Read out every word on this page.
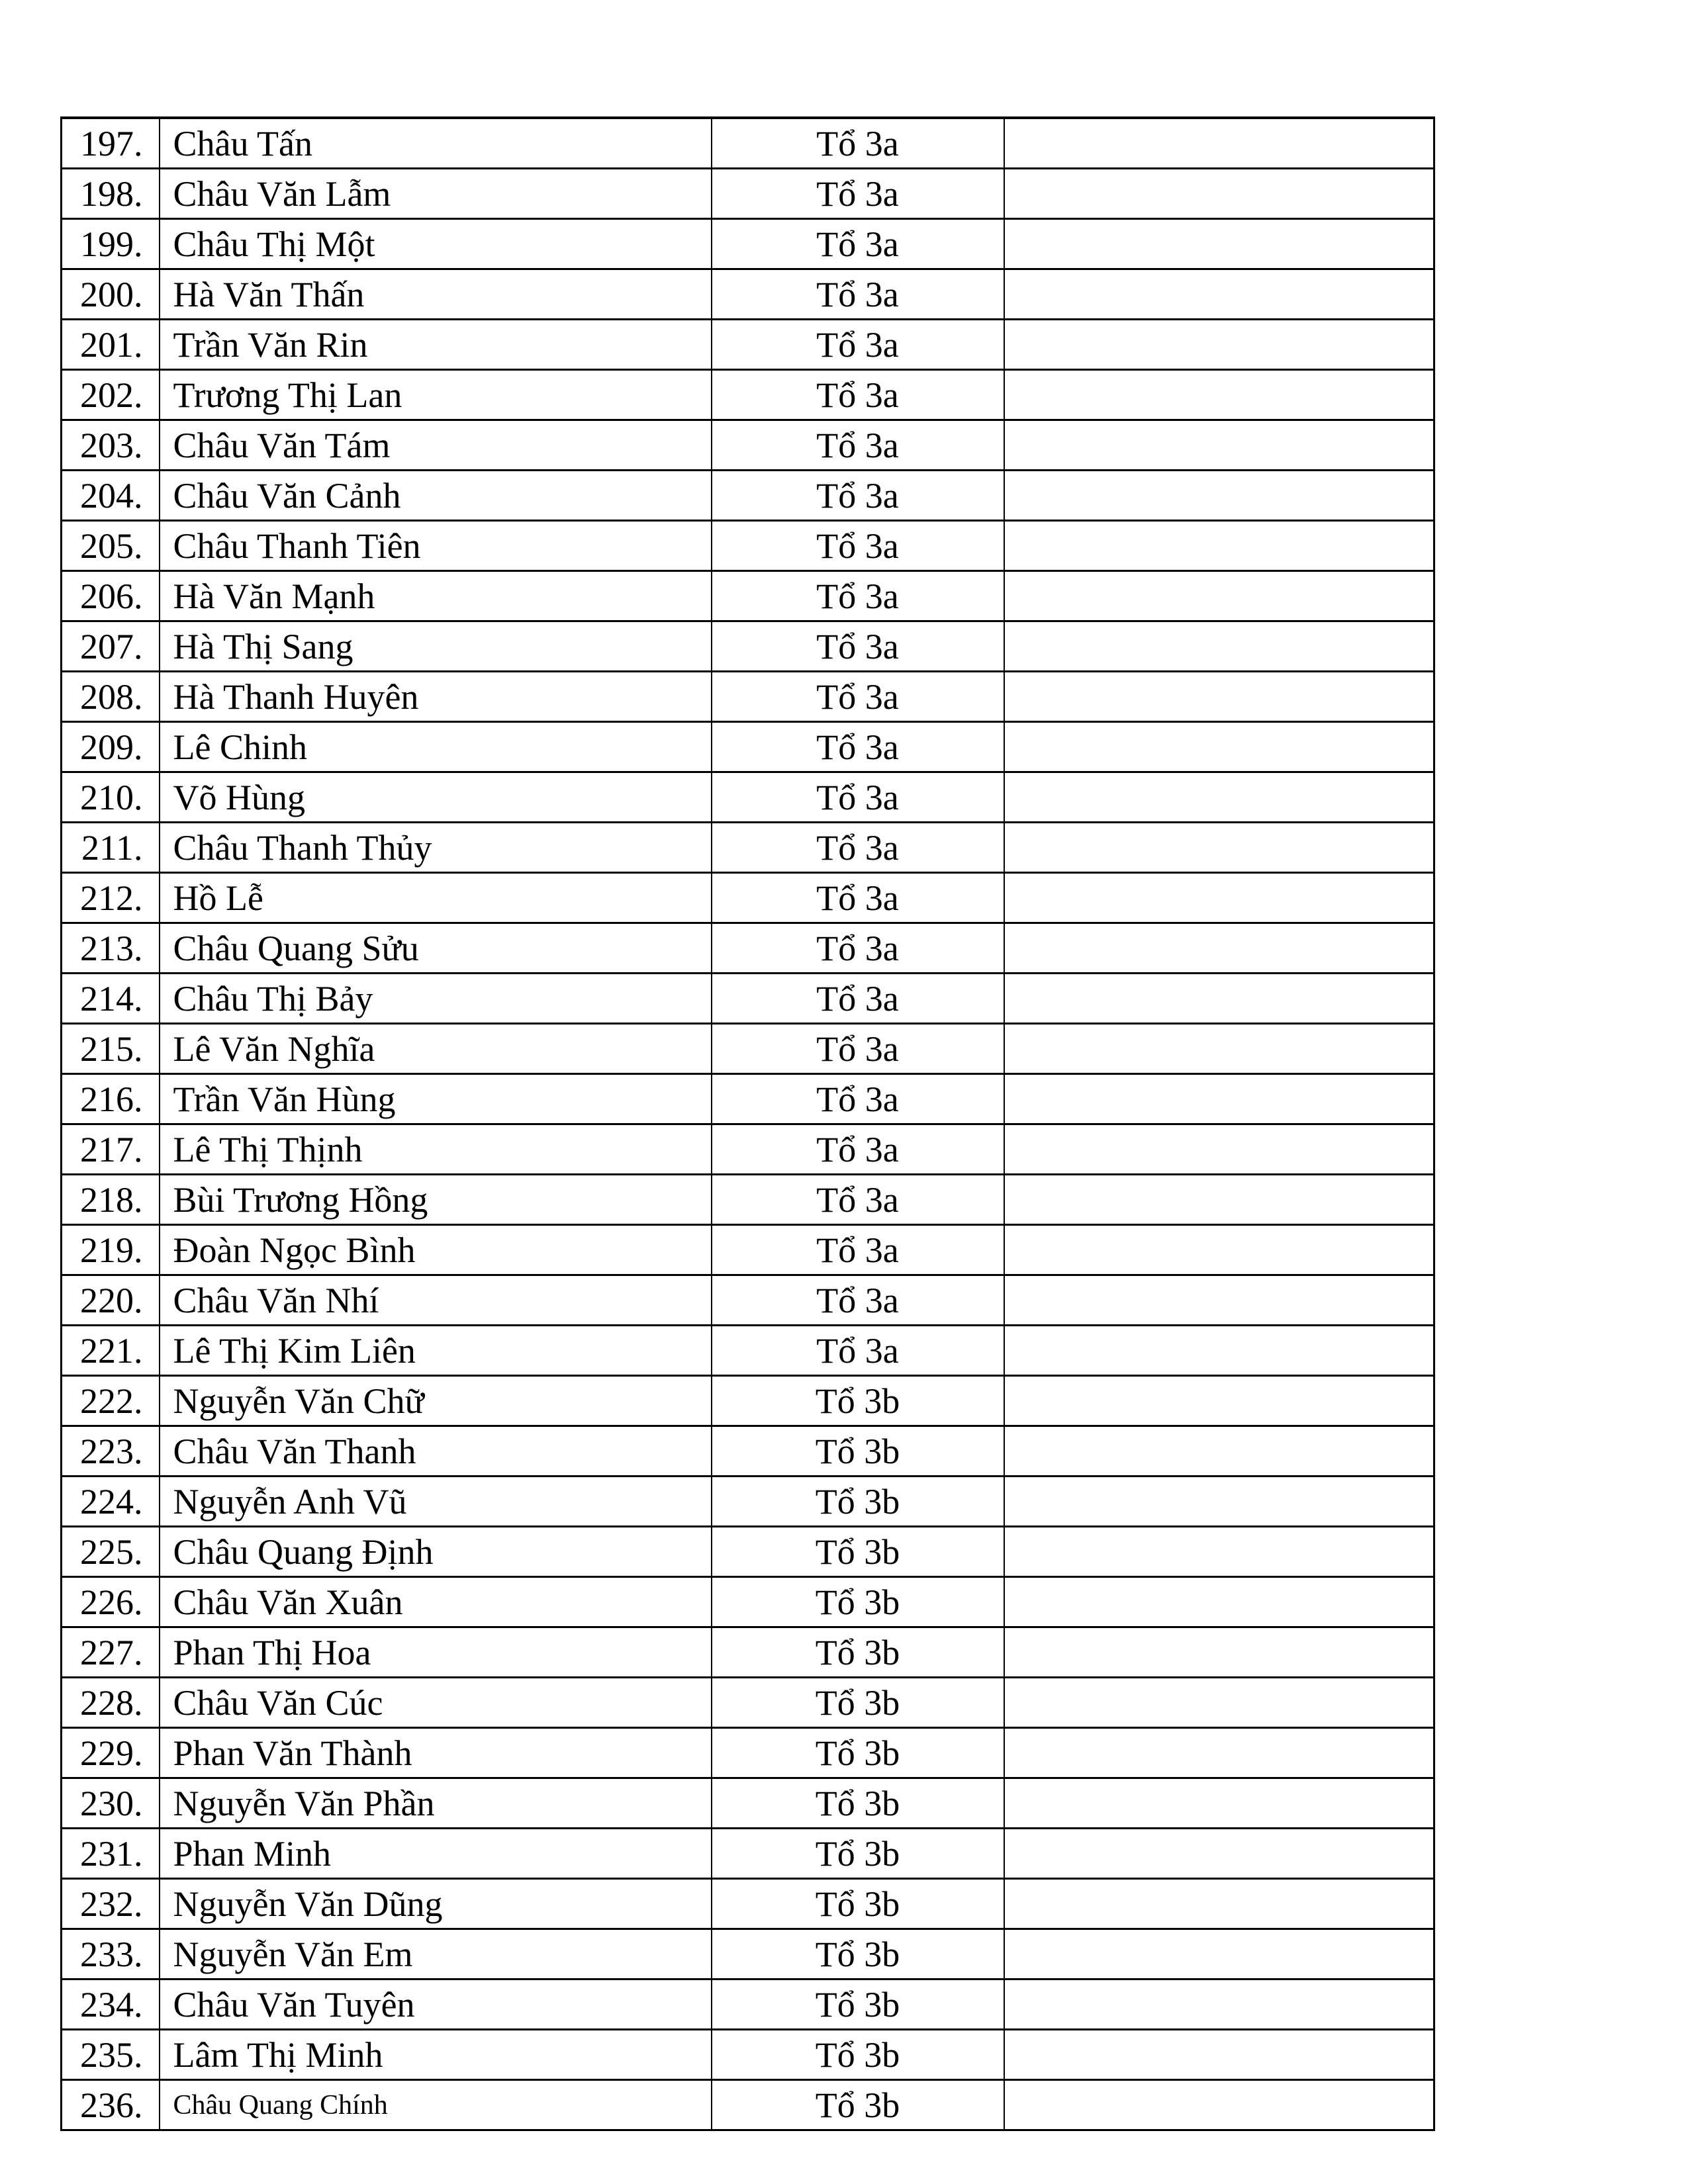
197.	Châu Tấn	Tổ 3a	
198.	Châu Văn Lẫm	Tổ 3a	
199.	Châu Thị Một	Tổ 3a	
200.	Hà Văn Thấn	Tổ 3a	
201.	Trần Văn Rin	Tổ 3a	
202.	Trương Thị Lan	Tổ 3a	
203.	Châu Văn Tám	Tổ 3a	
204.	Châu Văn Cảnh	Tổ 3a	
205.	Châu Thanh Tiên	Tổ 3a	
206.	Hà Văn Mạnh	Tổ 3a	
207.	Hà Thị Sang	Tổ 3a	
208.	Hà Thanh Huyên	Tổ 3a	
209.	Lê Chinh	Tổ 3a	
210.	Võ Hùng	Tổ 3a	
211.	Châu Thanh Thủy	Tổ 3a	
212.	Hồ Lễ	Tổ 3a	
213.	Châu Quang Sửu	Tổ 3a	
214.	Châu Thị Bảy	Tổ 3a	
215.	Lê Văn Nghĩa	Tổ 3a	
216.	Trần Văn Hùng	Tổ 3a	
217.	Lê Thị Thịnh	Tổ 3a	
218.	Bùi Trương Hồng	Tổ 3a	
219.	Đoàn Ngọc Bình	Tổ 3a	
220.	Châu Văn Nhí	Tổ 3a	
221.	Lê Thị Kim Liên	Tổ 3a	
222.	Nguyễn Văn Chữ	Tổ 3b	
223.	Châu Văn Thanh	Tổ 3b	
224.	Nguyễn Anh Vũ	Tổ 3b	
225.	Châu Quang Định	Tổ 3b	
226.	Châu Văn Xuân	Tổ 3b	
227.	Phan Thị Hoa	Tổ 3b	
228.	Châu Văn Cúc	Tổ 3b	
229.	Phan Văn Thành	Tổ 3b	
230.	Nguyễn Văn Phần	Tổ 3b	
231.	Phan Minh	Tổ 3b	
232.	Nguyễn Văn Dũng	Tổ 3b	
233.	Nguyễn Văn Em	Tổ 3b	
234.	Châu Văn Tuyên	Tổ 3b	
235.	Lâm Thị Minh	Tổ 3b	
236.	Châu Quang Chính	Tổ 3b	
